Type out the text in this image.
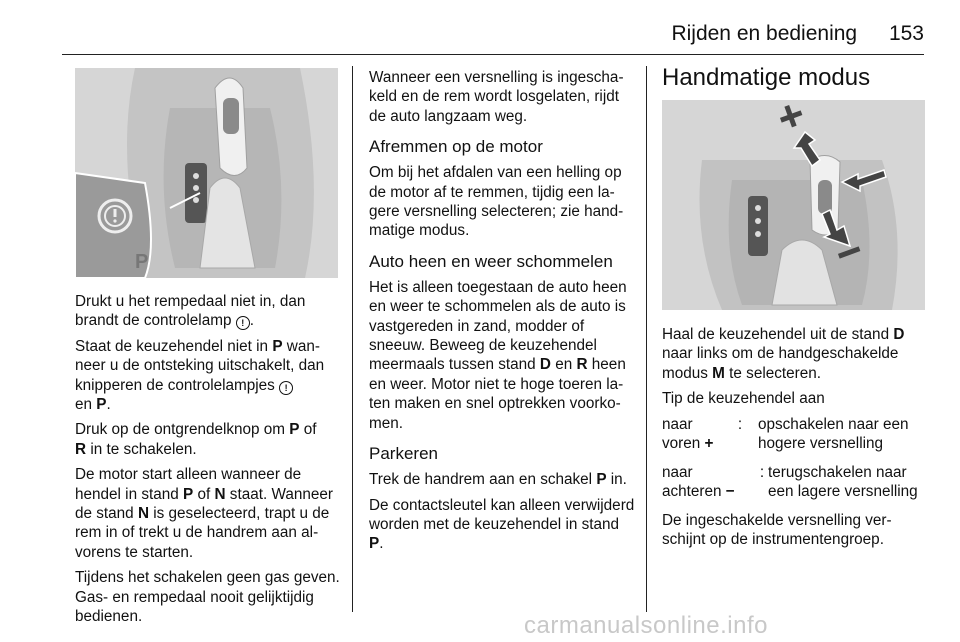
Rijden en bediening 153
P

Drukt u het rempedaal niet in, dan brandt de controlelamp ! .

Staat de keuzehendel niet in P wanneer u de ontsteking uitschakelt, dan knipperen de controlelampjes !
en P.

Druk op de ontgrendelknop om P of
R in te schakelen.

De motor start alleen wanneer de hendel in stand P of N staat. Wanneer de stand N is geselecteerd, trapt u de rem in of trekt u de handrem aan alvorens te starten.

Tijdens het schakelen geen gas geven. Gas- en rempedaal nooit gelijktijdig bedienen.

Wanneer een versnelling is ingeschakeld en de rem wordt losgelaten, rijdt de auto langzaam weg.

Afremmen op de motor

Om bij het afdalen van een helling op de motor af te remmen, tijdig een lagere versnelling selecteren; zie handmatige modus.

Auto heen en weer schommelen

Het is alleen toegestaan de auto heen en weer te schommelen als de auto is vastgereden in zand, modder of sneeuw. Beweeg de keuzehendel meermaals tussen stand D en R heen en weer. Motor niet te hoge toeren laten maken en snel optrekken voorkomen.

Parkeren

Trek de handrem aan en schakel P in.

De contactsleutel kan alleen verwijderd worden met de keuzehendel in stand P.

Handmatige modus

Haal de keuzehendel uit de stand D naar links om de handgeschakelde modus M te selecteren.

Tip de keuzehendel aan

naar voren +
:	opschakelen naar een hogere versnelling
naar achteren −
: terugschakelen naar een lagere versnelling

De ingeschakelde versnelling verschijnt op de instrumentengroep.

carmanualsonline.info
